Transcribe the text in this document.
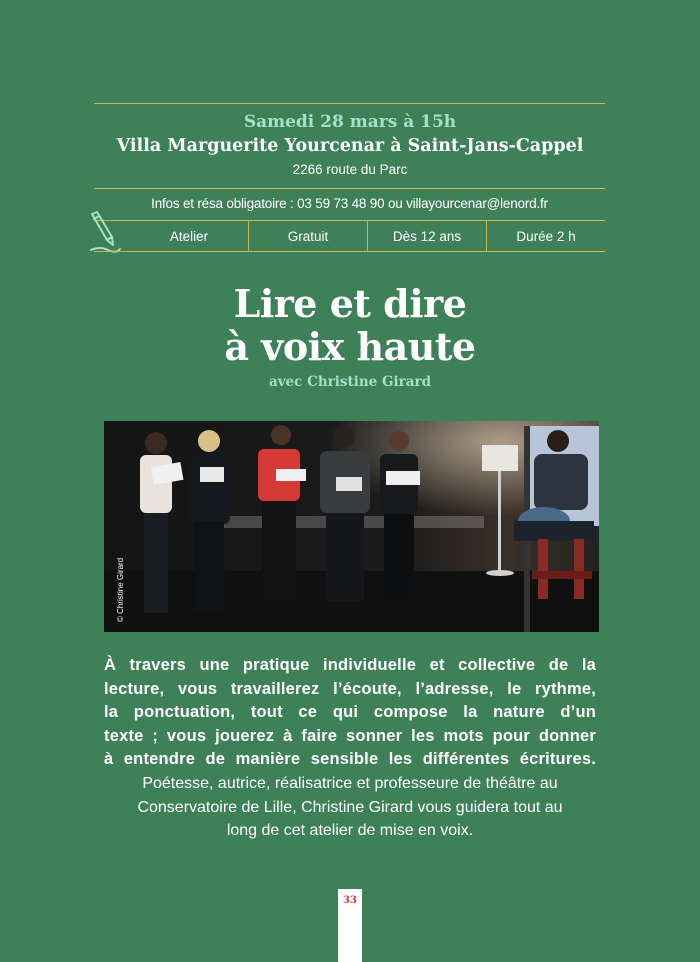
Samedi 28 mars à 15h
Villa Marguerite Yourcenar à Saint-Jans-Cappel
2266 route du Parc
Infos et résa obligatoire : 03 59 73 48 90 ou villayourcenar@lenord.fr
Atelier	Gratuit	Dès 12 ans	Durée 2 h
Lire et dire
à voix haute
avec Christine Girard
© Christine Girard
À travers une pratique individuelle et collective de la
lecture, vous travaillerez l’écoute, l’adresse, le rythme,
la ponctuation, tout ce qui compose la nature d’un
texte ; vous jouerez à faire sonner les mots pour donner
à entendre de manière sensible les différentes écritures.
Poétesse, autrice, réalisatrice et professeure de théâtre au
Conservatoire de Lille, Christine Girard vous guidera tout au
long de cet atelier de mise en voix.
33
